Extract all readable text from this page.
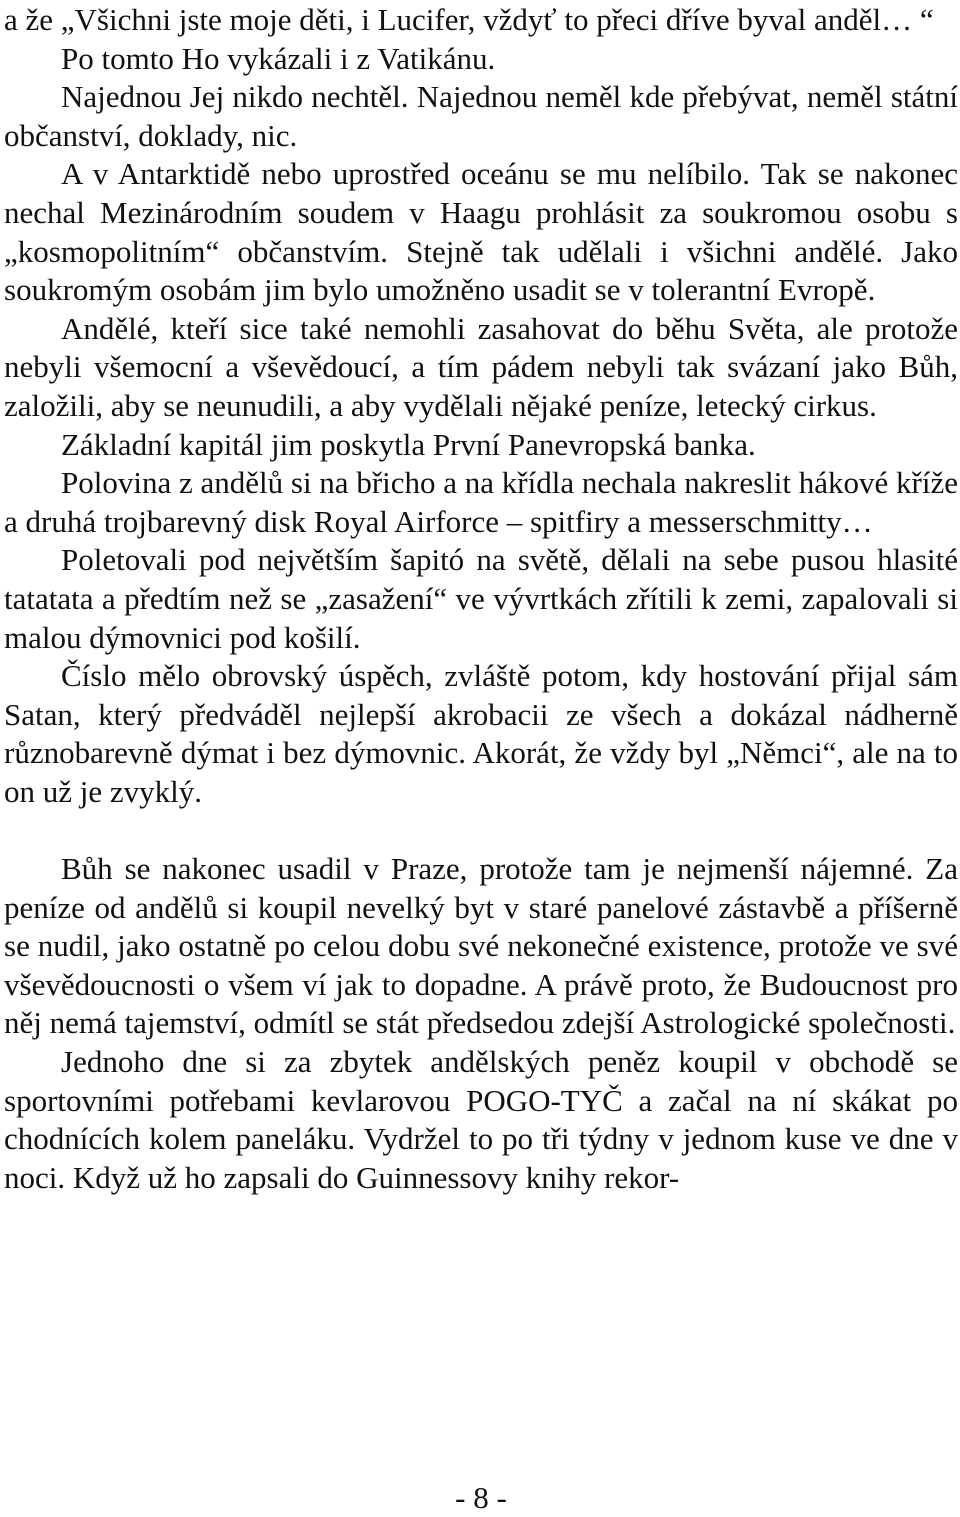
a že „Všichni jste moje děti, i Lucifer, vždyť to přeci dříve byval anděl… “

Po tomto Ho vykázali i z Vatikánu.

Najednou Jej nikdo nechtěl. Najednou neměl kde přebývat, neměl státní občanství, doklady, nic.

A v Antarktidě nebo uprostřed oceánu se mu nelíbilo. Tak se nakonec nechal Mezinárodním soudem v Haagu prohlásit za soukromou osobu s „kosmopolitním“ občanstvím. Stejně tak udělali i všichni andělé. Jako soukromým osobám jim bylo umožněno usadit se v tolerantní Evropě.

Andělé, kteří sice také nemohli zasahovat do běhu Světa, ale protože nebyli všemocní a vševědoucí, a tím pádem nebyli tak svázaní jako Bůh, založili, aby se neunudili, a aby vydělali nějaké peníze, letecký cirkus.

Základní kapitál jim poskytla První Panevropská banka.

Polovina z andělů si na břicho a na křídla nechala nakreslit hákové kříže a druhá trojbarevný disk Royal Airforce – spitfiry a messerschmitty…

Poletovali pod největším šapitó na světě, dělali na sebe pusou hlasité tatatata a předtím než se „zasažení“ ve vývrtkách zřítili k zemi, zapalovali si malou dýmovnici pod košilí.

Číslo mělo obrovský úspěch, zvláště potom, kdy hostování přijal sám Satan, který předváděl nejlepší akrobacii ze všech a dokázal nádherně různobarevně dýmat i bez dýmovnic. Akorát, že vždy byl „Němci“, ale na to on už je zvyklý.

Bůh se nakonec usadil v Praze, protože tam je nejmenší nájemné. Za peníze od andělů si koupil nevelký byt v staré panelové zástavbě a příšerně se nudil, jako ostatně po celou dobu své nekonečné existence, protože ve své vševědoucnosti o všem ví jak to dopadne. A právě proto, že Budoucnost pro něj nemá tajemství, odmítl se stát předsedou zdejší Astrologické společnosti.

Jednoho dne si za zbytek andělských peněz koupil v obchodě se sportovními potřebami kevlarovou POGO-TYČ a začal na ní skákat po chodnících kolem paneláku. Vydržel to po tři týdny v jednom kuse ve dne v noci. Když už ho zapsali do Guinnessovy knihy rekor-

- 8 -
